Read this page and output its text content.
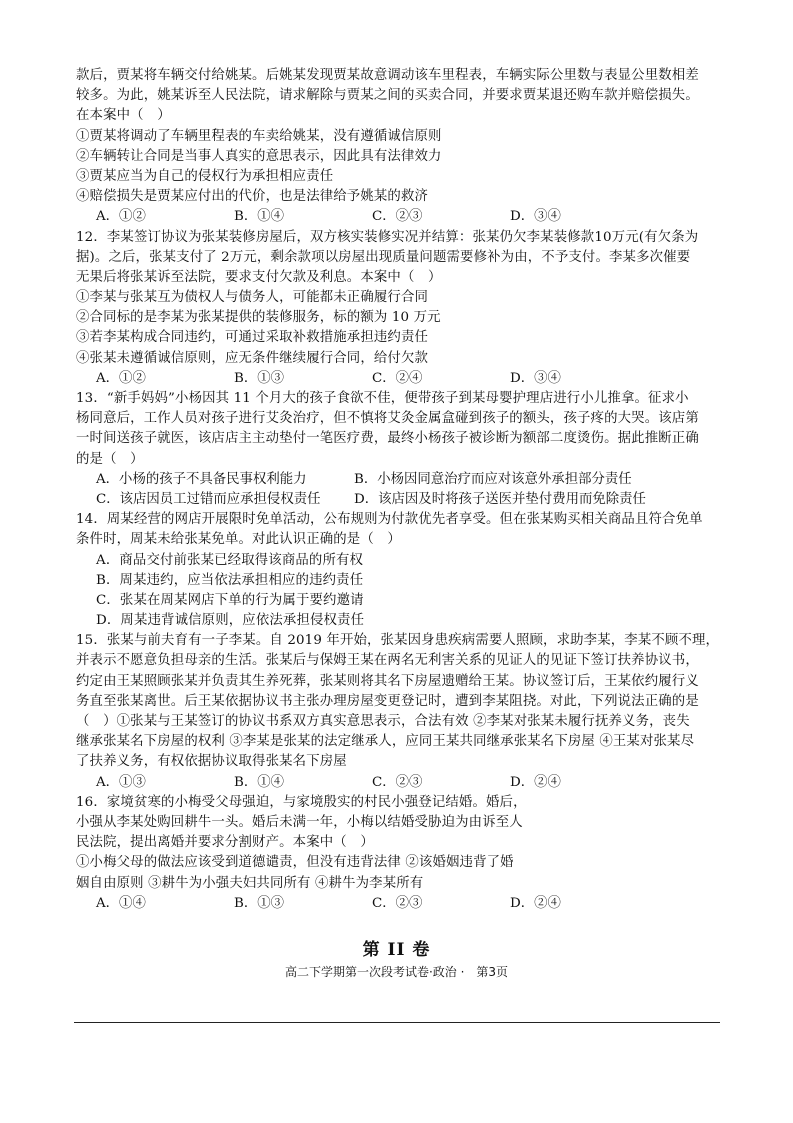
款后，贾某将车辆交付给姚某。后姚某发现贾某故意调动该车里程表，车辆实际公里数与表显公里数相差
较多。为此，姚某诉至人民法院，请求解除与贾某之间的买卖合同，并要求贾某退还购车款并赔偿损失。
在本案中（　）
①贾某将调动了车辆里程表的车卖给姚某，没有遵循诚信原则
②车辆转让合同是当事人真实的意思表示，因此具有法律效力
③贾某应当为自己的侵权行为承担相应责任
④赔偿损失是贾某应付出的代价，也是法律给予姚某的救济
A．①②	B．①④	C．②③	D．③④
12．李某签订协议为张某装修房屋后，双方核实装修实况并结算：张某仍欠李某装修款10万元(有欠条为
据)。之后，张某支付了 2万元，剩余款项以房屋出现质量问题需要修补为由，不予支付。李某多次催要
无果后将张某诉至法院，要求支付欠款及利息。本案中（　）
①李某与张某互为债权人与债务人，可能都未正确履行合同
②合同标的是李某为张某提供的装修服务，标的额为 10 万元
③若李某构成合同违约，可通过采取补救措施承担违约责任
④张某未遵循诚信原则，应无条件继续履行合同，给付欠款
A．①②	B．①③	C．②④	D．③④
13．“新手妈妈”小杨因其 11 个月大的孩子食欲不佳，便带孩子到某母婴护理店进行小儿推拿。征求小
杨同意后，工作人员对孩子进行艾灸治疗，但不慎将艾灸金属盒碰到孩子的额头，孩子疼的大哭。该店第
一时间送孩子就医，该店店主主动垫付一笔医疗费，最终小杨孩子被诊断为额部二度烫伤。据此推断正确
的是（　）
A．小杨的孩子不具备民事权利能力	B．小杨因同意治疗而应对该意外承担部分责任
C．该店因员工过错而应承担侵权责任	D．该店因及时将孩子送医并垫付费用而免除责任
14．周某经营的网店开展限时免单活动，公布规则为付款优先者享受。但在张某购买相关商品且符合免单
条件时，周某未给张某免单。对此认识正确的是（　）
A．商品交付前张某已经取得该商品的所有权
B．周某违约，应当依法承担相应的违约责任
C．张某在周某网店下单的行为属于要约邀请
D．周某违背诚信原则，应依法承担侵权责任
15．张某与前夫育有一子李某。自 2019 年开始，张某因身患疾病需要人照顾，求助李某，李某不顾不理，
并表示不愿意负担母亲的生活。张某后与保姆王某在两名无利害关系的见证人的见证下签订扶养协议书，
约定由王某照顾张某并负责其生养死葬，张某则将其名下房屋遗赠给王某。协议签订后，王某依约履行义
务直至张某离世。后王某依据协议书主张办理房屋变更登记时，遭到李某阻挠。对此，下列说法正确的是
（　）①张某与王某签订的协议书系双方真实意思表示，合法有效 ②李某对张某未履行抚养义务，丧失
继承张某名下房屋的权利 ③李某是张某的法定继承人，应同王某共同继承张某名下房屋 ④王某对张某尽
了扶养义务，有权依据协议取得张某名下房屋
A．①③	B．①④	C．②③	D．②④
16．家境贫寒的小梅受父母强迫，与家境殷实的村民小强登记结婚。婚后，
小强从李某处购回耕牛一头。婚后未满一年，小梅以结婚受胁迫为由诉至人
民法院，提出离婚并要求分割财产。本案中（　）
①小梅父母的做法应该受到道德谴责，但没有违背法律 ②该婚姻违背了婚
姻自由原则 ③耕牛为小强夫妇共同所有 ④耕牛为李某所有
A．①④	B．①③	C．②③	D．②④
第 II 卷
高二下学期第一次段考试卷·政治 ·　第3页
